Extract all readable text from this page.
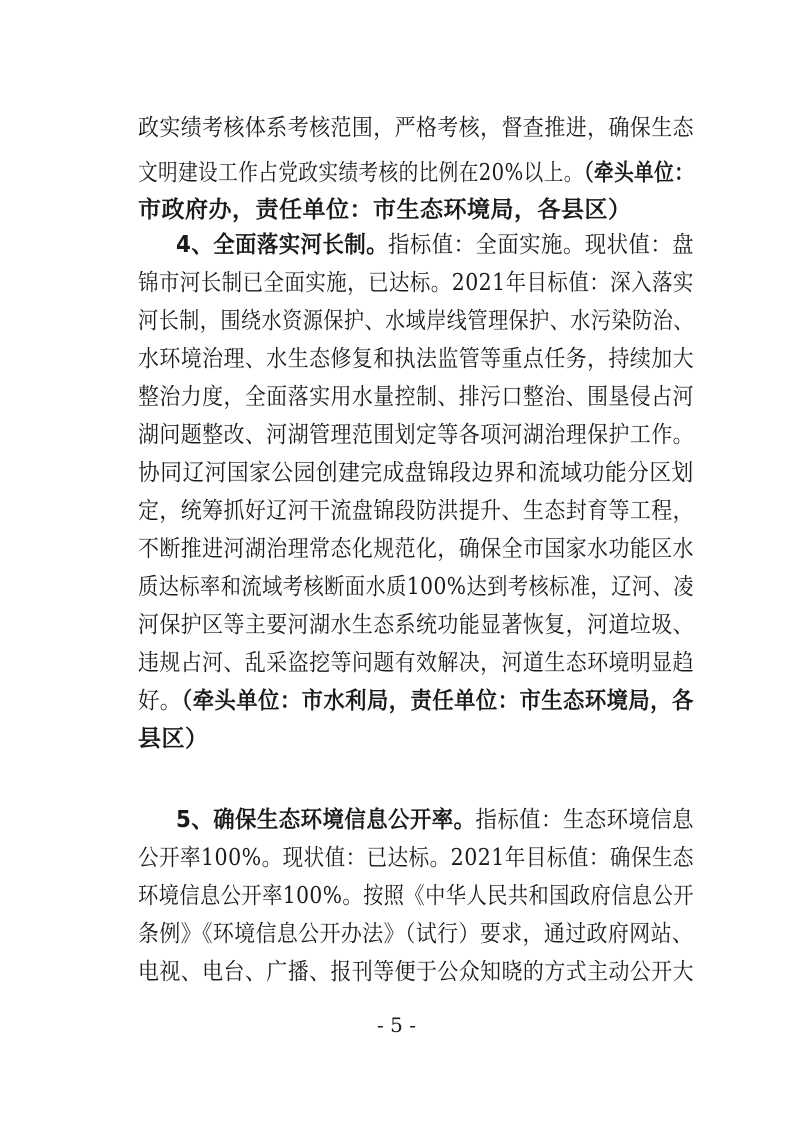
政实绩考核体系考核范围，严格考核，督查推进，确保生态
文明建设工作占党政实绩考核的比例在20%以上。（牵头单位：
市政府办，责任单位：市生态环境局，各县区）
4、全面落实河长制。指标值：全面实施。现状值：盘
锦市河长制已全面实施，已达标。2021年目标值：深入落实
河长制，围绕水资源保护、水域岸线管理保护、水污染防治、
水环境治理、水生态修复和执法监管等重点任务，持续加大
整治力度，全面落实用水量控制、排污口整治、围垦侵占河
湖问题整改、河湖管理范围划定等各项河湖治理保护工作。
协同辽河国家公园创建完成盘锦段边界和流域功能分区划
定，统筹抓好辽河干流盘锦段防洪提升、生态封育等工程，
不断推进河湖治理常态化规范化，确保全市国家水功能区水
质达标率和流域考核断面水质100%达到考核标准，辽河、凌
河保护区等主要河湖水生态系统功能显著恢复，河道垃圾、
违规占河、乱采盗挖等问题有效解决，河道生态环境明显趋
好。（牵头单位：市水利局，责任单位：市生态环境局，各
县区）
5、确保生态环境信息公开率。指标值：生态环境信息
公开率100%。现状值：已达标。2021年目标值：确保生态
环境信息公开率100%。按照《中华人民共和国政府信息公开
条例》《环境信息公开办法》（试行）要求，通过政府网站、
电视、电台、广播、报刊等便于公众知晓的方式主动公开大
- 5 -
